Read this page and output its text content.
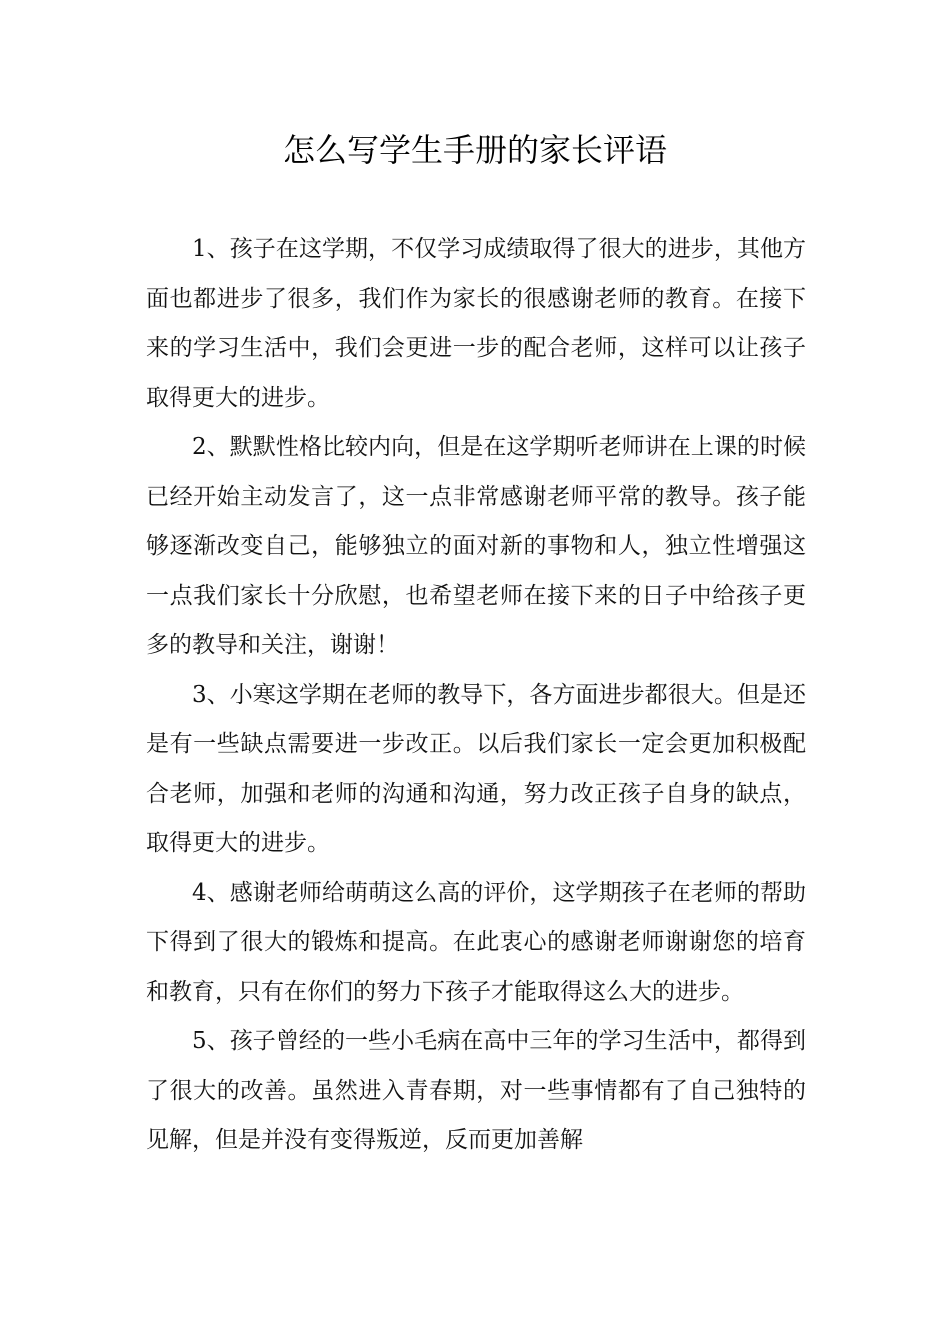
怎么写学生手册的家长评语

1、孩子在这学期，不仅学习成绩取得了很大的进步，其他方面也都进步了很多，我们作为家长的很感谢老师的教育。在接下来的学习生活中，我们会更进一步的配合老师，这样可以让孩子取得更大的进步。

2、默默性格比较内向，但是在这学期听老师讲在上课的时候已经开始主动发言了，这一点非常感谢老师平常的教导。孩子能够逐渐改变自己，能够独立的面对新的事物和人，独立性增强这一点我们家长十分欣慰，也希望老师在接下来的日子中给孩子更多的教导和关注，谢谢！

3、小寒这学期在老师的教导下，各方面进步都很大。但是还是有一些缺点需要进一步改正。以后我们家长一定会更加积极配合老师，加强和老师的沟通和沟通，努力改正孩子自身的缺点，取得更大的进步。

4、感谢老师给萌萌这么高的评价，这学期孩子在老师的帮助下得到了很大的锻炼和提高。在此衷心的感谢老师谢谢您的培育和教育，只有在你们的努力下孩子才能取得这么大的进步。

5、孩子曾经的一些小毛病在高中三年的学习生活中，都得到了很大的改善。虽然进入青春期，对一些事情都有了自己独特的见解，但是并没有变得叛逆，反而更加善解
